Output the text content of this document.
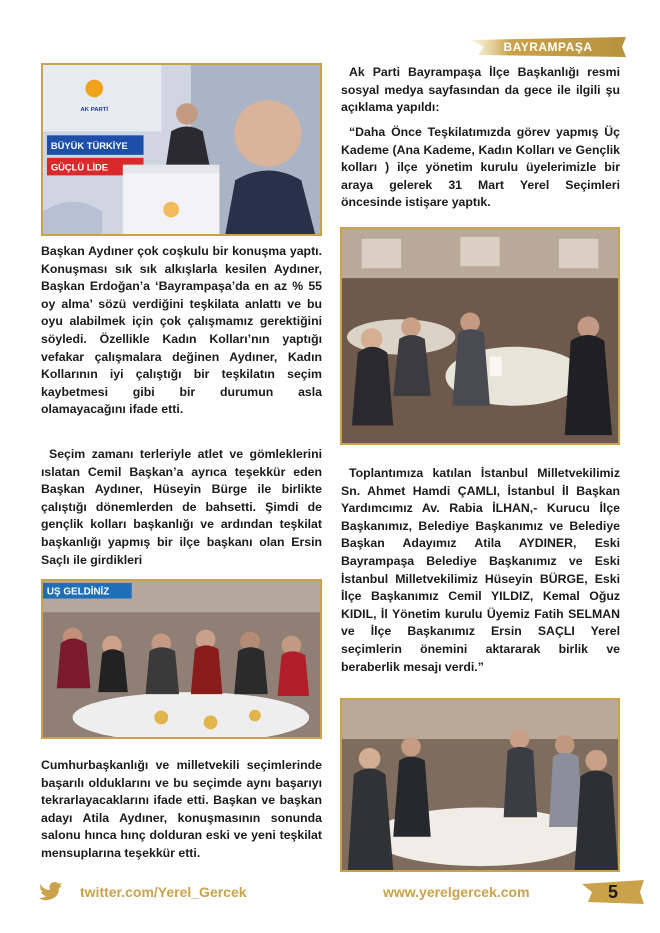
BAYRAMPAŞA
AK PARTİ
BÜYÜK TÜRKİYE
GÜÇLÜ LİDE
Başkan Aydıner çok coşkulu bir konuşma yaptı. Konuşması sık sık alkışlarla kesilen Aydıner, Başkan Erdoğan’a ‘Bayrampaşa’da en az % 55 oy alma’ sözü verdiğini teşkilata anlattı ve bu oyu alabilmek için çok çalışmamız gerektiğini söyledi. Özellikle Kadın Kolları’nın yaptığı vefakar çalışmalara değinen Aydıner, Kadın Kollarının iyi çalıştığı bir teşkilatın seçim kaybetmesi gibi bir durumun asla olamayacağını ifade etti.
Seçim zamanı terleriyle atlet ve gömleklerini ıslatan Cemil Başkan’a ayrıca teşekkür eden Başkan Aydıner, Hüseyin Bürge ile birlikte çalıştığı dönemlerden de bahsetti. Şimdi de gençlik kolları başkanlığı ve ardından teşkilat başkanlığı yapmış bir ilçe başkanı olan Ersin Saçlı ile girdikleri
UŞ GELDİNİZ
Cumhurbaşkanlığı ve milletvekili seçimlerinde başarılı olduklarını ve bu seçimde aynı başarıyı tekrarlayacaklarını ifade etti. Başkan ve başkan adayı Atila Aydıner, konuşmasının sonunda salonu hınca hınç dolduran eski ve yeni teşkilat mensuplarına teşekkür etti.
Ak Parti Bayrampaşa İlçe Başkanlığı resmi sosyal medya sayfasından da gece ile ilgili şu açıklama yapıldı:
“Daha Önce Teşkilatımızda görev yapmış Üç Kademe (Ana Kademe, Kadın Kolları ve Gençlik kolları ) ilçe yönetim kurulu üyelerimizle bir araya gelerek 31 Mart Yerel Seçimleri öncesinde istişare yaptık.
Toplantımıza katılan İstanbul Milletvekilimiz Sn. Ahmet Hamdi ÇAMLI, İstanbul İl Başkan Yardımcımız Av. Rabia İLHAN,- Kurucu İlçe Başkanımız, Belediye Başkanımız ve Belediye Başkan Adayımız Atila AYDINER, Eski Bayrampaşa Belediye Başkanımız ve Eski İstanbul Milletvekilimiz Hüseyin BÜRGE, Eski İlçe Başkanımız Cemil YILDIZ, Kemal Oğuz KIDIL, İl Yönetim kurulu Üyemiz Fatih SELMAN ve İlçe Başkanımız Ersin SAÇLI Yerel seçimlerin önemini aktararak birlik ve beraberlik mesajı verdi.”
twitter.com/Yerel_Gercek	www.yerelgercek.com	5
